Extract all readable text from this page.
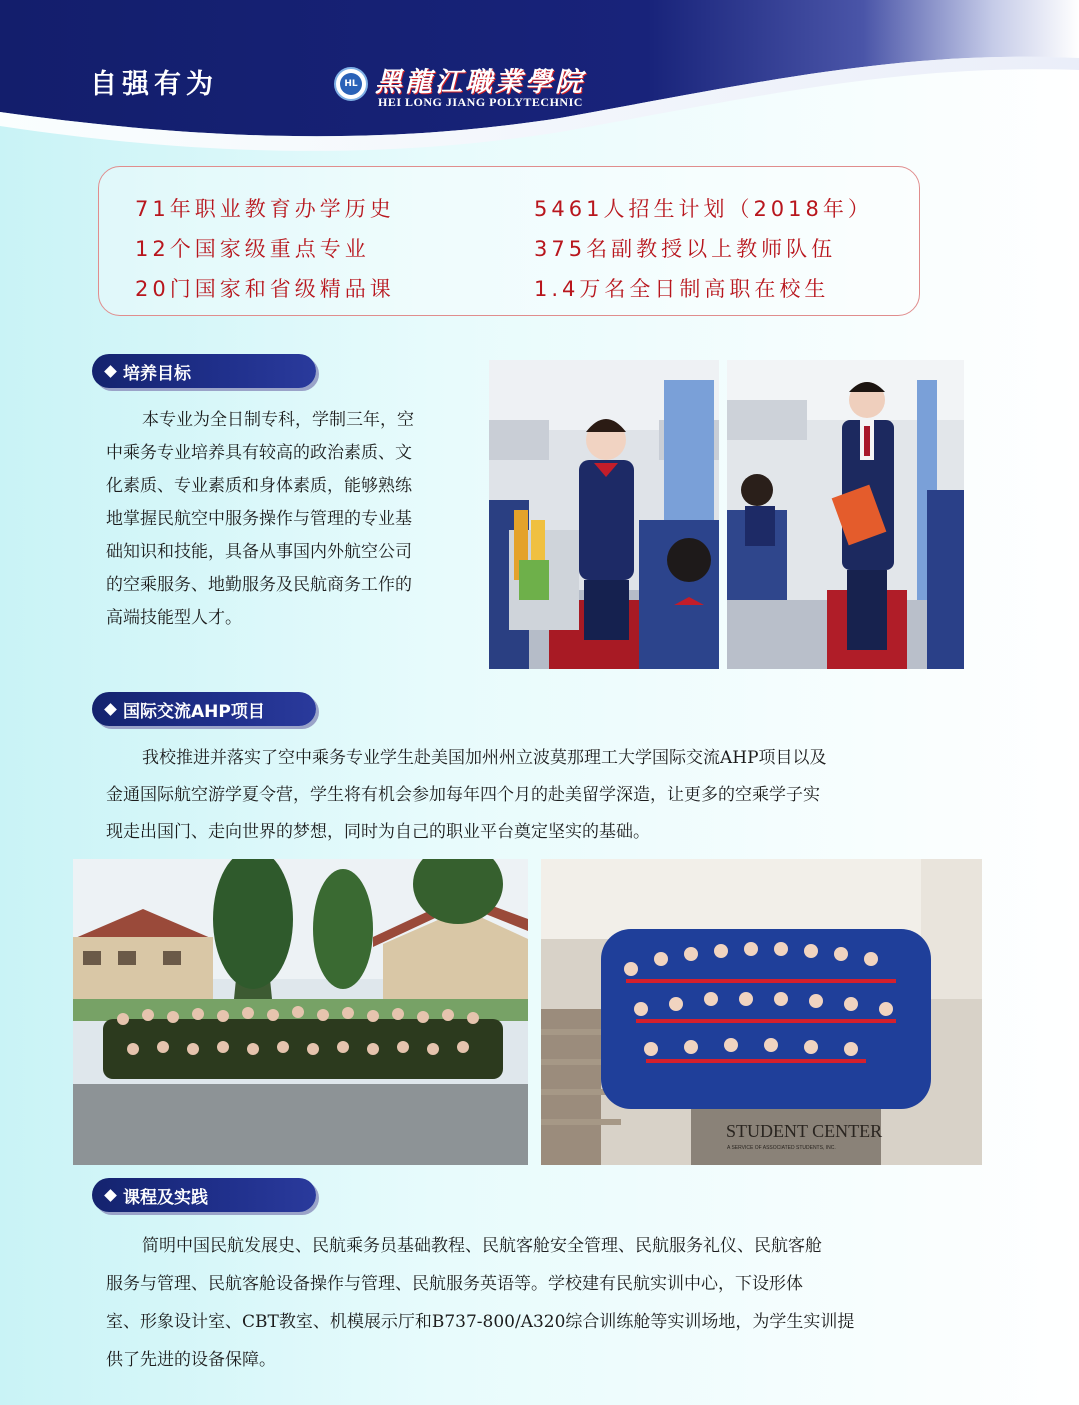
自强有为	HL 黑龍江職業學院
HEI LONG JIANG POLYTECHNIC
71年职业教育办学历史
12个国家级重点专业
20门国家和省级精品课
5461人招生计划（2018年）
375名副教授以上教师队伍
1.4万名全日制高职在校生
培养目标
本专业为全日制专科，学制三年，空
中乘务专业培养具有较高的政治素质、文
化素质、专业素质和身体素质，能够熟练
地掌握民航空中服务操作与管理的专业基
础知识和技能，具备从事国内外航空公司
的空乘服务、地勤服务及民航商务工作的
高端技能型人才。
国际交流AHP项目
我校推进并落实了空中乘务专业学生赴美国加州州立波莫那理工大学国际交流AHP项目以及
金通国际航空游学夏令营，学生将有机会参加每年四个月的赴美留学深造，让更多的空乘学子实
现走出国门、走向世界的梦想，同时为自己的职业平台奠定坚实的基础。
STUDENT CENTER
A SERVICE OF ASSOCIATED STUDENTS, INC.
课程及实践
简明中国民航发展史、民航乘务员基础教程、民航客舱安全管理、民航服务礼仪、民航客舱
服务与管理、民航客舱设备操作与管理、民航服务英语等。学校建有民航实训中心，下设形体
室、形象设计室、CBT教室、机模展示厅和B737-800/A320综合训练舱等实训场地，为学生实训提
供了先进的设备保障。
